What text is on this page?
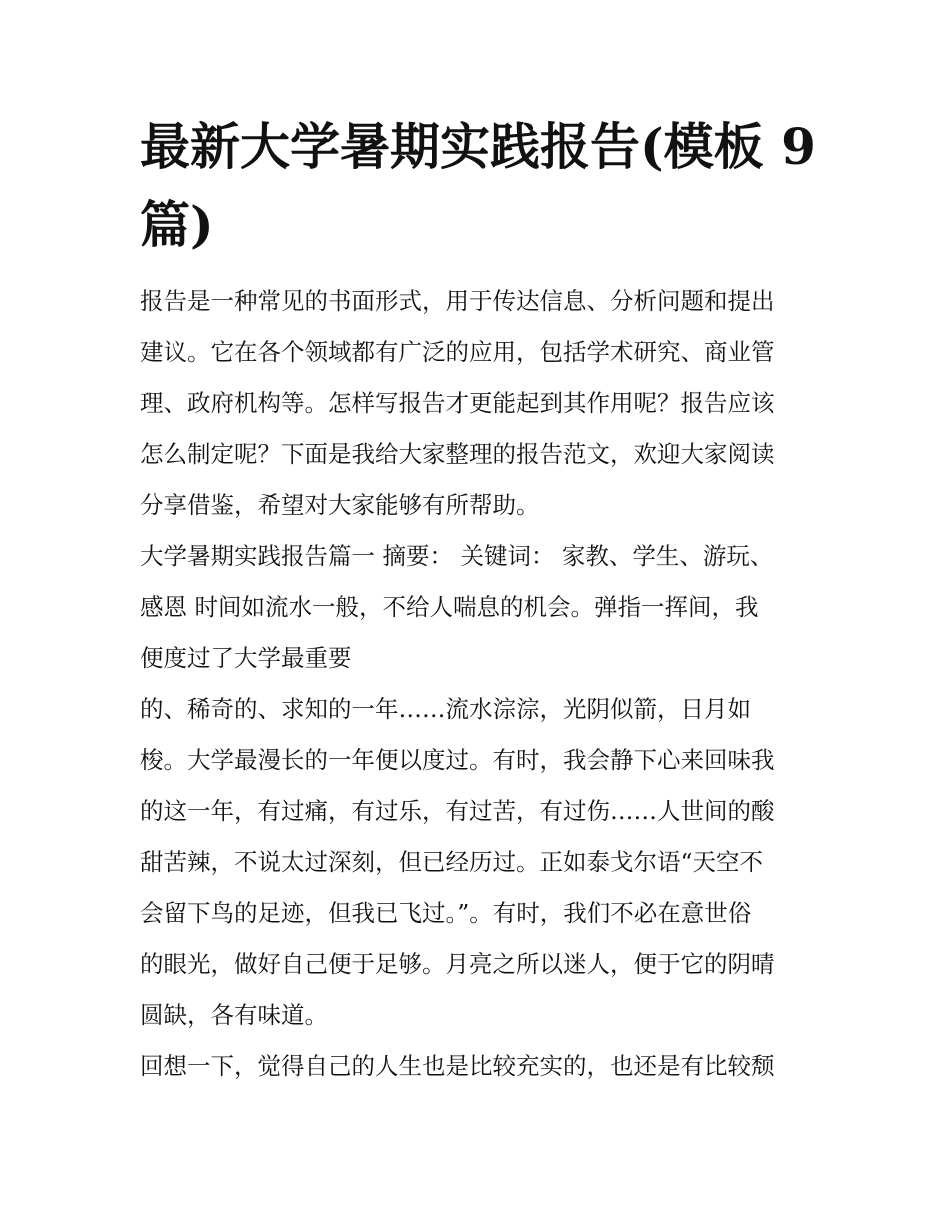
最新大学暑期实践报告(模板 9
篇)
报告是一种常见的书面形式，用于传达信息、分析问题和提出
建议。它在各个领域都有广泛的应用，包括学术研究、商业管
理、政府机构等。怎样写报告才更能起到其作用呢？报告应该
怎么制定呢？下面是我给大家整理的报告范文，欢迎大家阅读
分享借鉴，希望对大家能够有所帮助。
大学暑期实践报告篇一 摘要： 关键词： 家教、学生、游玩、
感恩 时间如流水一般，不给人喘息的机会。弹指一挥间，我
便度过了大学最重要
的、稀奇的、求知的一年……流水淙淙，光阴似箭，日月如
梭。大学最漫长的一年便以度过。有时，我会静下心来回味我
的这一年，有过痛，有过乐，有过苦，有过伤……人世间的酸
甜苦辣，不说太过深刻，但已经历过。正如泰戈尔语“天空不
会留下鸟的足迹，但我已飞过。”。有时，我们不必在意世俗
的眼光，做好自己便于足够。月亮之所以迷人，便于它的阴晴
圆缺，各有味道。
回想一下，觉得自己的人生也是比较充实的，也还是有比较颓
